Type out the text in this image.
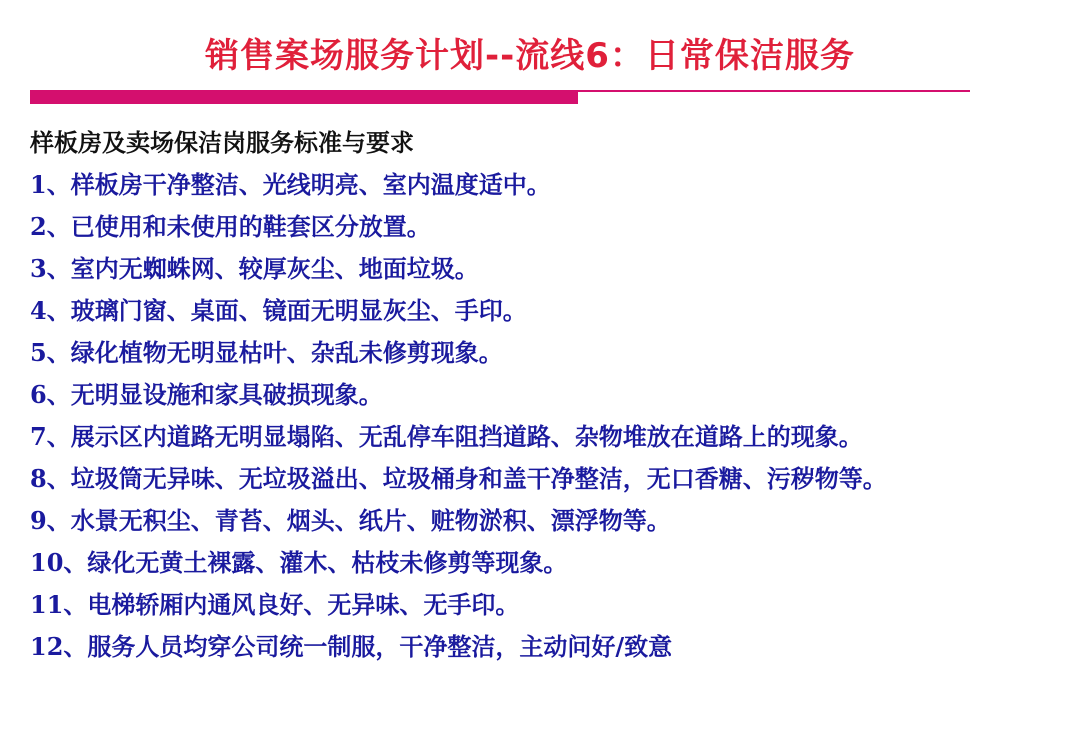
销售案场服务计划--流线6：日常保洁服务
样板房及卖场保洁岗服务标准与要求
1、样板房干净整洁、光线明亮、室内温度适中。
2、已使用和未使用的鞋套区分放置。
3、室内无蜘蛛网、较厚灰尘、地面垃圾。
4、玻璃门窗、桌面、镜面无明显灰尘、手印。
5、绿化植物无明显枯叶、杂乱未修剪现象。
6、无明显设施和家具破损现象。
7、展示区内道路无明显塌陷、无乱停车阻挡道路、杂物堆放在道路上的现象。
8、垃圾筒无异味、无垃圾溢出、垃圾桶身和盖干净整洁，无口香糖、污秽物等。
9、水景无积尘、青苔、烟头、纸片、赃物淤积、漂浮物等。
10、绿化无黄土裸露、灌木、枯枝未修剪等现象。
11、电梯轿厢内通风良好、无异味、无手印。
12、服务人员均穿公司统一制服，干净整洁，主动问好/致意
